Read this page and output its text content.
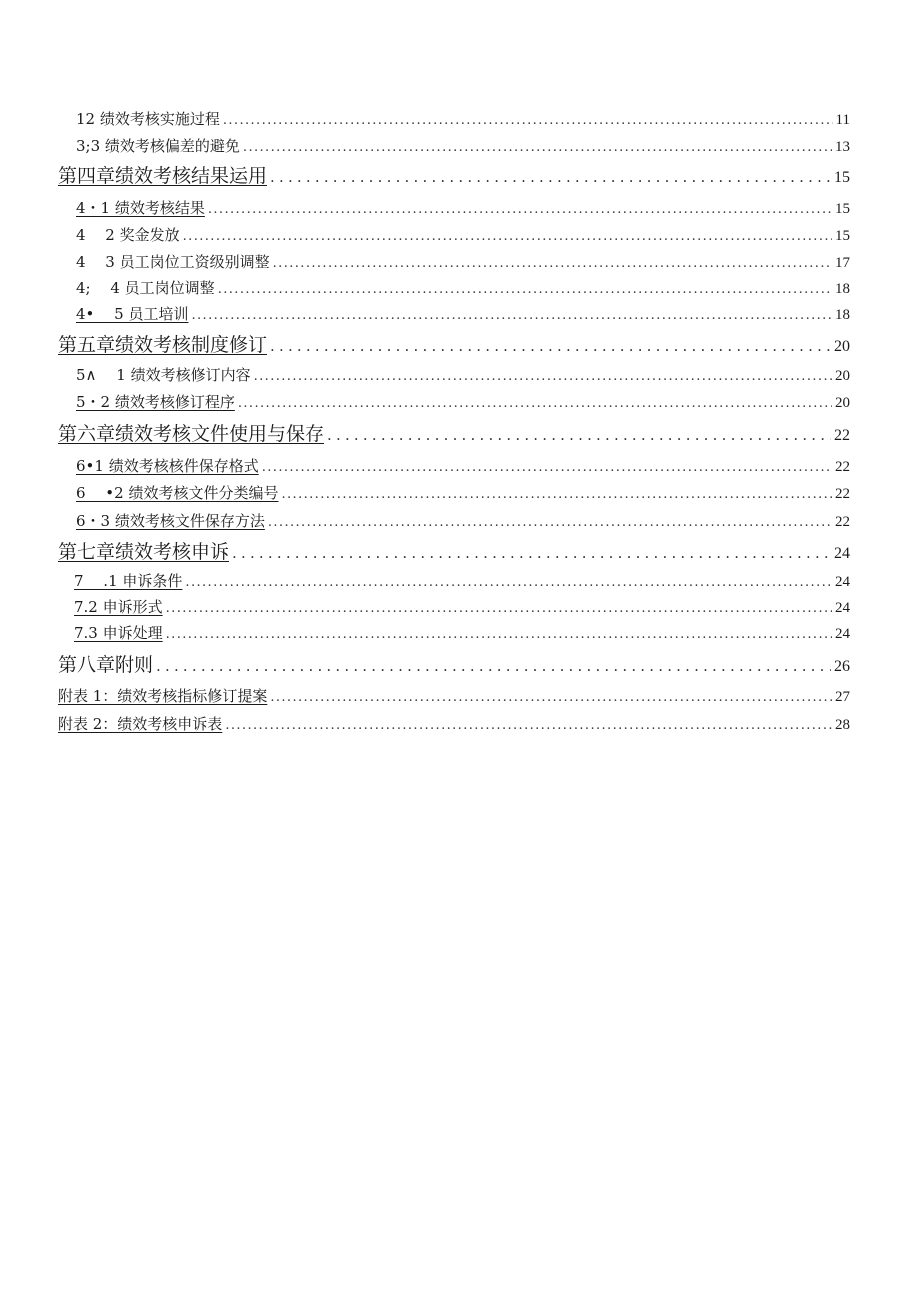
12 绩效考核实施过程 .....	11
3;3 绩效考核偏差的避免 .....	13
第四章绩效考核结果运用 .....	15
4・1 绩效考核结果 .....	15
4  2 奖金发放 .....	15
4  3 员工岗位工资级别调整 .....	17
4;  4 员工岗位调整 .....	18
4•  5 员工培训 .....	18
第五章绩效考核制度修订 .....	20
5∧  1 绩效考核修订内容 .....	20
5・2 绩效考核修订程序 .....	20
第六章绩效考核文件使用与保存 .....	22
6•1 绩效考核核件保存格式 .....	22
6  •2 绩效考核文件分类编号 .....	22
6・3 绩效考核文件保存方法 .....	22
第七章绩效考核申诉 .....	24
7  .1 申诉条件 .....	24
7.2 申诉形式 .....	24
7.3 申诉处理 .....	24
第八章附则 .....	26
附表 1：绩效考核指标修订提案 .....	27
附表 2：绩效考核申诉表 .....	28
